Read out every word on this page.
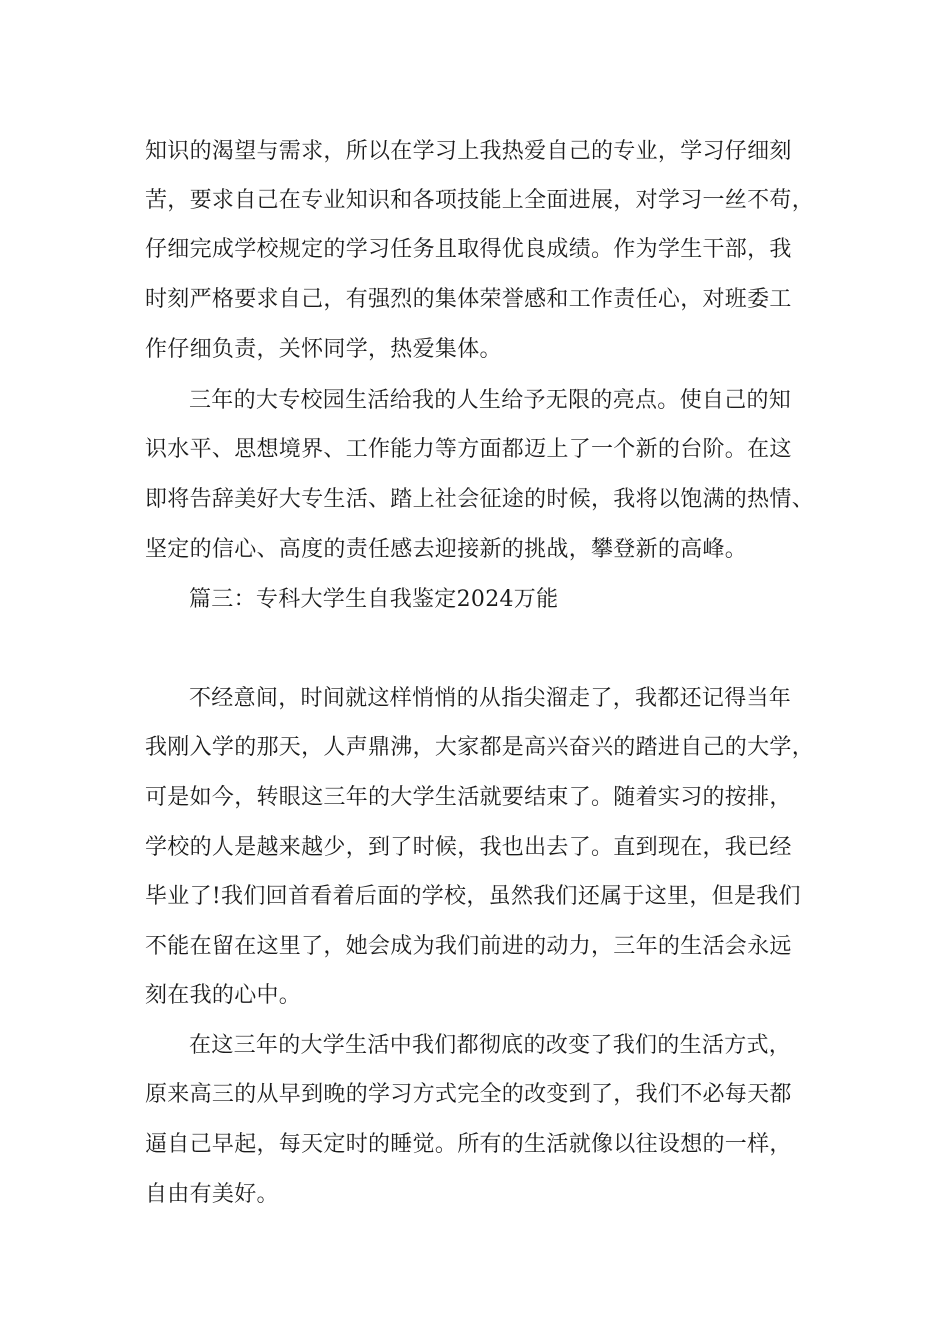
知识的渴望与需求，所以在学习上我热爱自己的专业，学习仔细刻

苦，要求自己在专业知识和各项技能上全面进展，对学习一丝不苟，

仔细完成学校规定的学习任务且取得优良成绩。作为学生干部，我

时刻严格要求自己，有强烈的集体荣誉感和工作责任心，对班委工

作仔细负责，关怀同学，热爱集体。

三年的大专校园生活给我的人生给予无限的亮点。使自己的知

识水平、思想境界、工作能力等方面都迈上了一个新的台阶。在这

即将告辞美好大专生活、踏上社会征途的时候，我将以饱满的热情、

坚定的信心、高度的责任感去迎接新的挑战，攀登新的高峰。

篇三：专科大学生自我鉴定2024万能

不经意间，时间就这样悄悄的从指尖溜走了，我都还记得当年

我刚入学的那天，人声鼎沸，大家都是高兴奋兴的踏进自己的大学，

可是如今，转眼这三年的大学生活就要结束了。随着实习的按排，

学校的人是越来越少，到了时候，我也出去了。直到现在，我已经

毕业了!我们回首看着后面的学校，虽然我们还属于这里，但是我们

不能在留在这里了，她会成为我们前进的动力，三年的生活会永远

刻在我的心中。

在这三年的大学生活中我们都彻底的改变了我们的生活方式，

原来高三的从早到晚的学习方式完全的改变到了，我们不必每天都

逼自己早起，每天定时的睡觉。所有的生活就像以往设想的一样，

自由有美好。
